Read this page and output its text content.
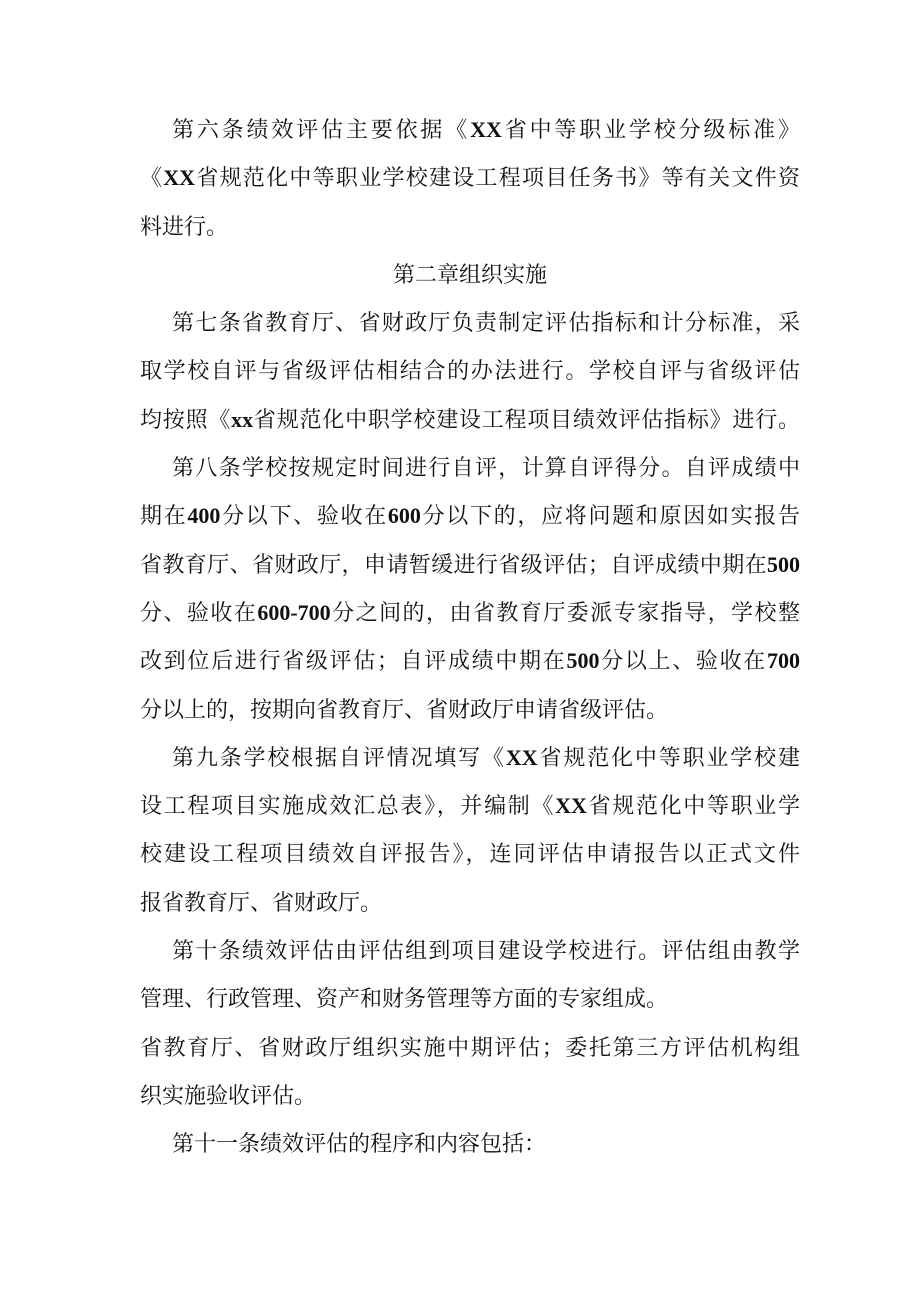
第六条绩效评估主要依据《XX省中等职业学校分级标准》
《XX省规范化中等职业学校建设工程项目任务书》等有关文件资
料进行。
第二章组织实施
第七条省教育厅、省财政厅负责制定评估指标和计分标准，采
取学校自评与省级评估相结合的办法进行。学校自评与省级评估
均按照《xx省规范化中职学校建设工程项目绩效评估指标》进行。
第八条学校按规定时间进行自评，计算自评得分。自评成绩中
期在400分以下、验收在600分以下的，应将问题和原因如实报告
省教育厅、省财政厅，申请暂缓进行省级评估；自评成绩中期在500
分、验收在600-700分之间的，由省教育厅委派专家指导，学校整
改到位后进行省级评估；自评成绩中期在500分以上、验收在700
分以上的，按期向省教育厅、省财政厅申请省级评估。
第九条学校根据自评情况填写《XX省规范化中等职业学校建
设工程项目实施成效汇总表》，并编制《XX省规范化中等职业学
校建设工程项目绩效自评报告》，连同评估申请报告以正式文件
报省教育厅、省财政厅。
第十条绩效评估由评估组到项目建设学校进行。评估组由教学
管理、行政管理、资产和财务管理等方面的专家组成。
省教育厅、省财政厅组织实施中期评估；委托第三方评估机构组
织实施验收评估。
第十一条绩效评估的程序和内容包括：
